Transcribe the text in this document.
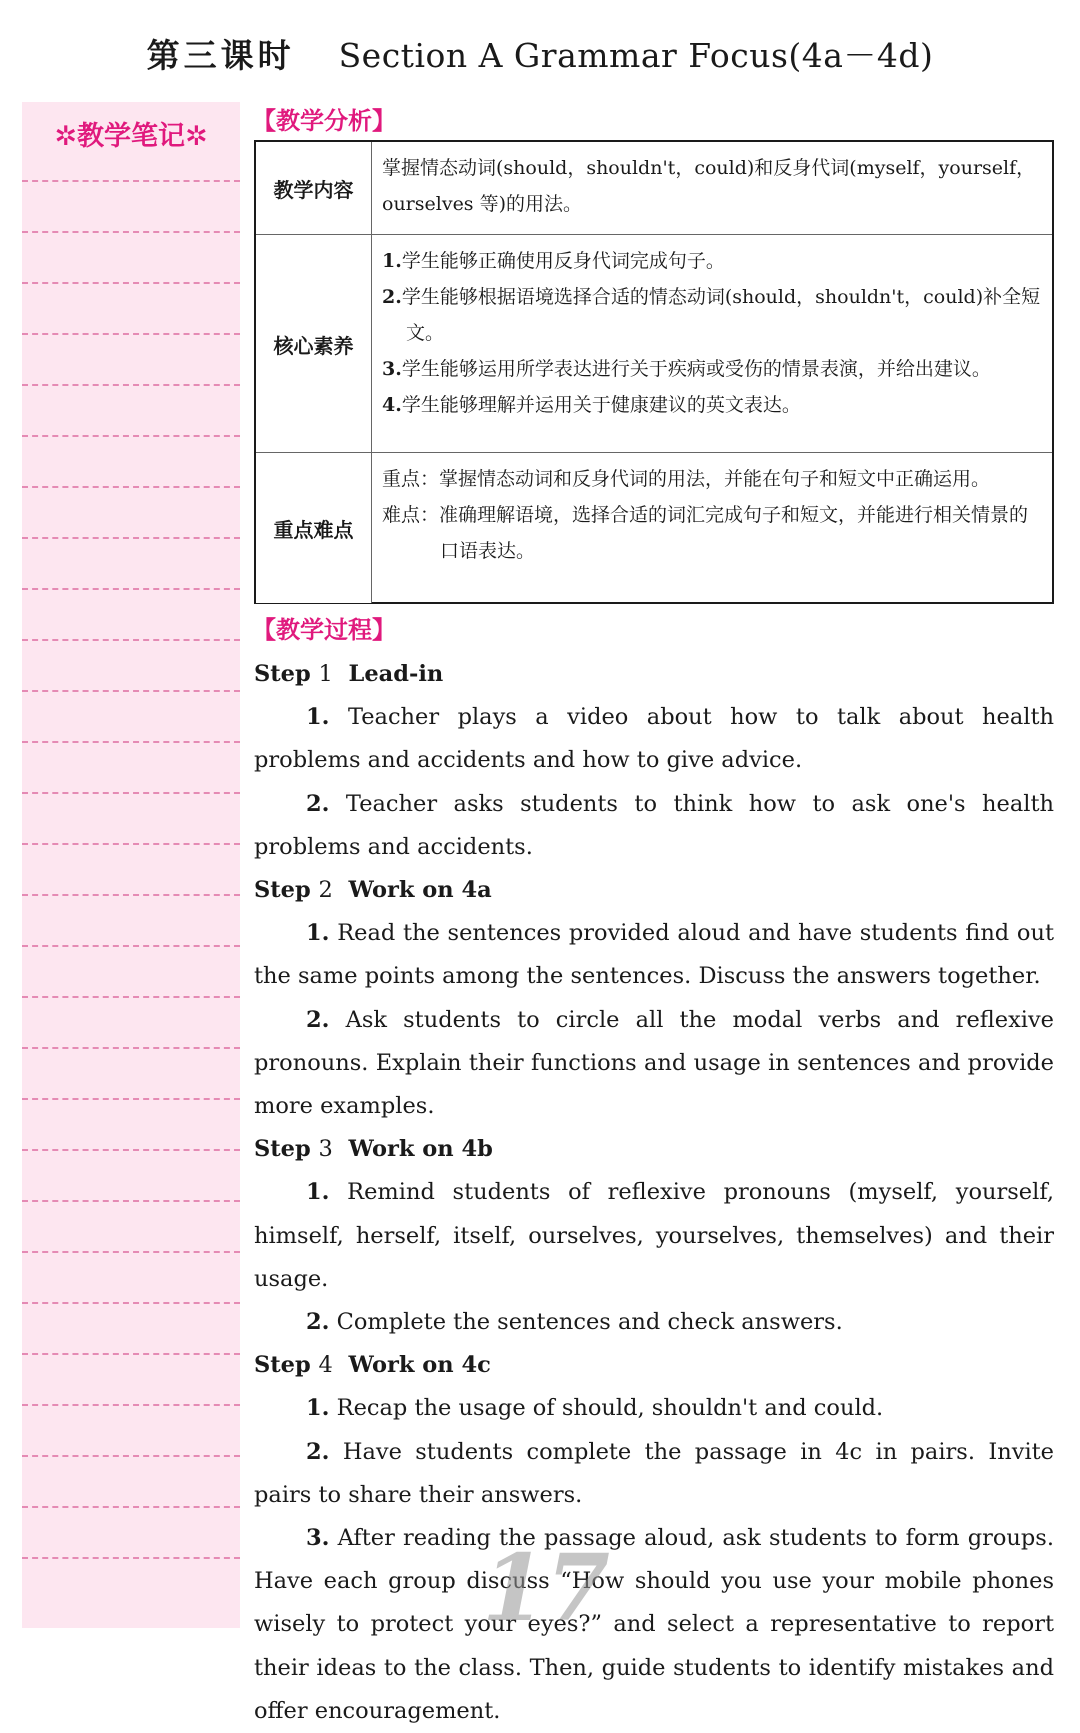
第三课时 Section A Grammar Focus(4a－4d)
✲教学笔记✲	【教学分析】
教学内容

掌握情态动词(should，shouldn't，could)和反身代词(myself，yourself，ourselves 等)的用法。

核心素养

1.学生能够正确使用反身代词完成句子。

2.学生能够根据语境选择合适的情态动词(should，shouldn't，could)补全短文。

3.学生能够运用所学表达进行关于疾病或受伤的情景表演，并给出建议。

4.学生能够理解并运用关于健康建议的英文表达。

重点难点

重点：掌握情态动词和反身代词的用法，并能在句子和短文中正确运用。

难点：准确理解语境，选择合适的词汇完成句子和短文，并能进行相关情景的口语表达。

【教学过程】

Step 1 Lead-in

1. Teacher plays a video about how to talk about health problems and accidents and how to give advice.

2. Teacher asks students to think how to ask one's health problems and accidents.

Step 2 Work on 4a

1. Read the sentences provided aloud and have students find out the same points among the sentences. Discuss the answers together.

2. Ask students to circle all the modal verbs and reflexive pronouns. Explain their functions and usage in sentences and provide more examples.

Step 3 Work on 4b

1. Remind students of reflexive pronouns (myself, yourself, himself, herself, itself, ourselves, yourselves, themselves) and their usage.

2. Complete the sentences and check answers.

Step 4 Work on 4c

1. Recap the usage of should, shouldn't and could.

2. Have students complete the passage in 4c in pairs. Invite pairs to share their answers.

3. After reading the passage aloud, ask students to form groups. Have each group discuss “How should you use your mobile phones wisely to protect your eyes?” and select a representative to report their ideas to the class. Then, guide students to identify mistakes and offer encouragement.

17
